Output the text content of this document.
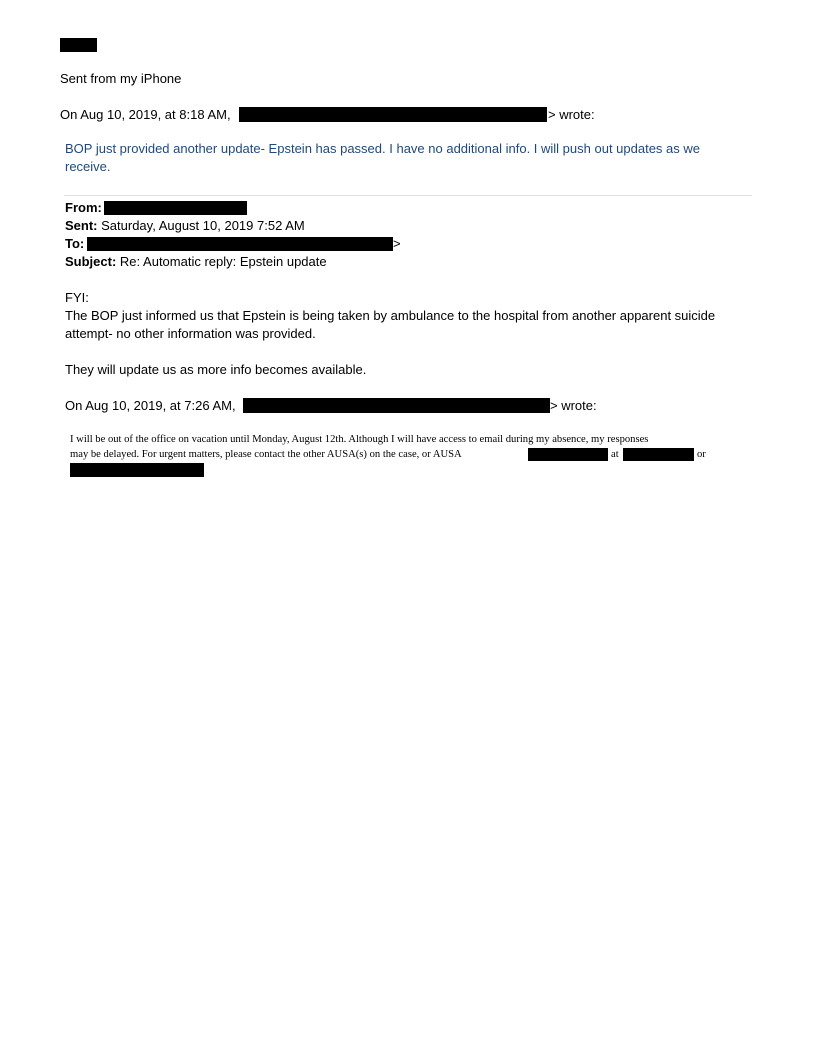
Sent from my iPhone
On Aug 10, 2019, at 8:18 AM,	> wrote:
BOP just provided another update- Epstein has passed. I have no additional info. I will push out updates as we
receive.
From:
Sent: Saturday, August 10, 2019 7:52 AM
To:	>
Subject: Re: Automatic reply: Epstein update
FYI:
The BOP just informed us that Epstein is being taken by ambulance to the hospital from another apparent suicide
attempt- no other information was provided.
They will update us as more info becomes available.
On Aug 10, 2019, at 7:26 AM,	> wrote:
I will be out of the office on vacation until Monday, August 12th. Although I will have access to email during my absence, my responses
may be delayed. For urgent matters, please contact the other AUSA(s) on the case, or AUSA	at	or
